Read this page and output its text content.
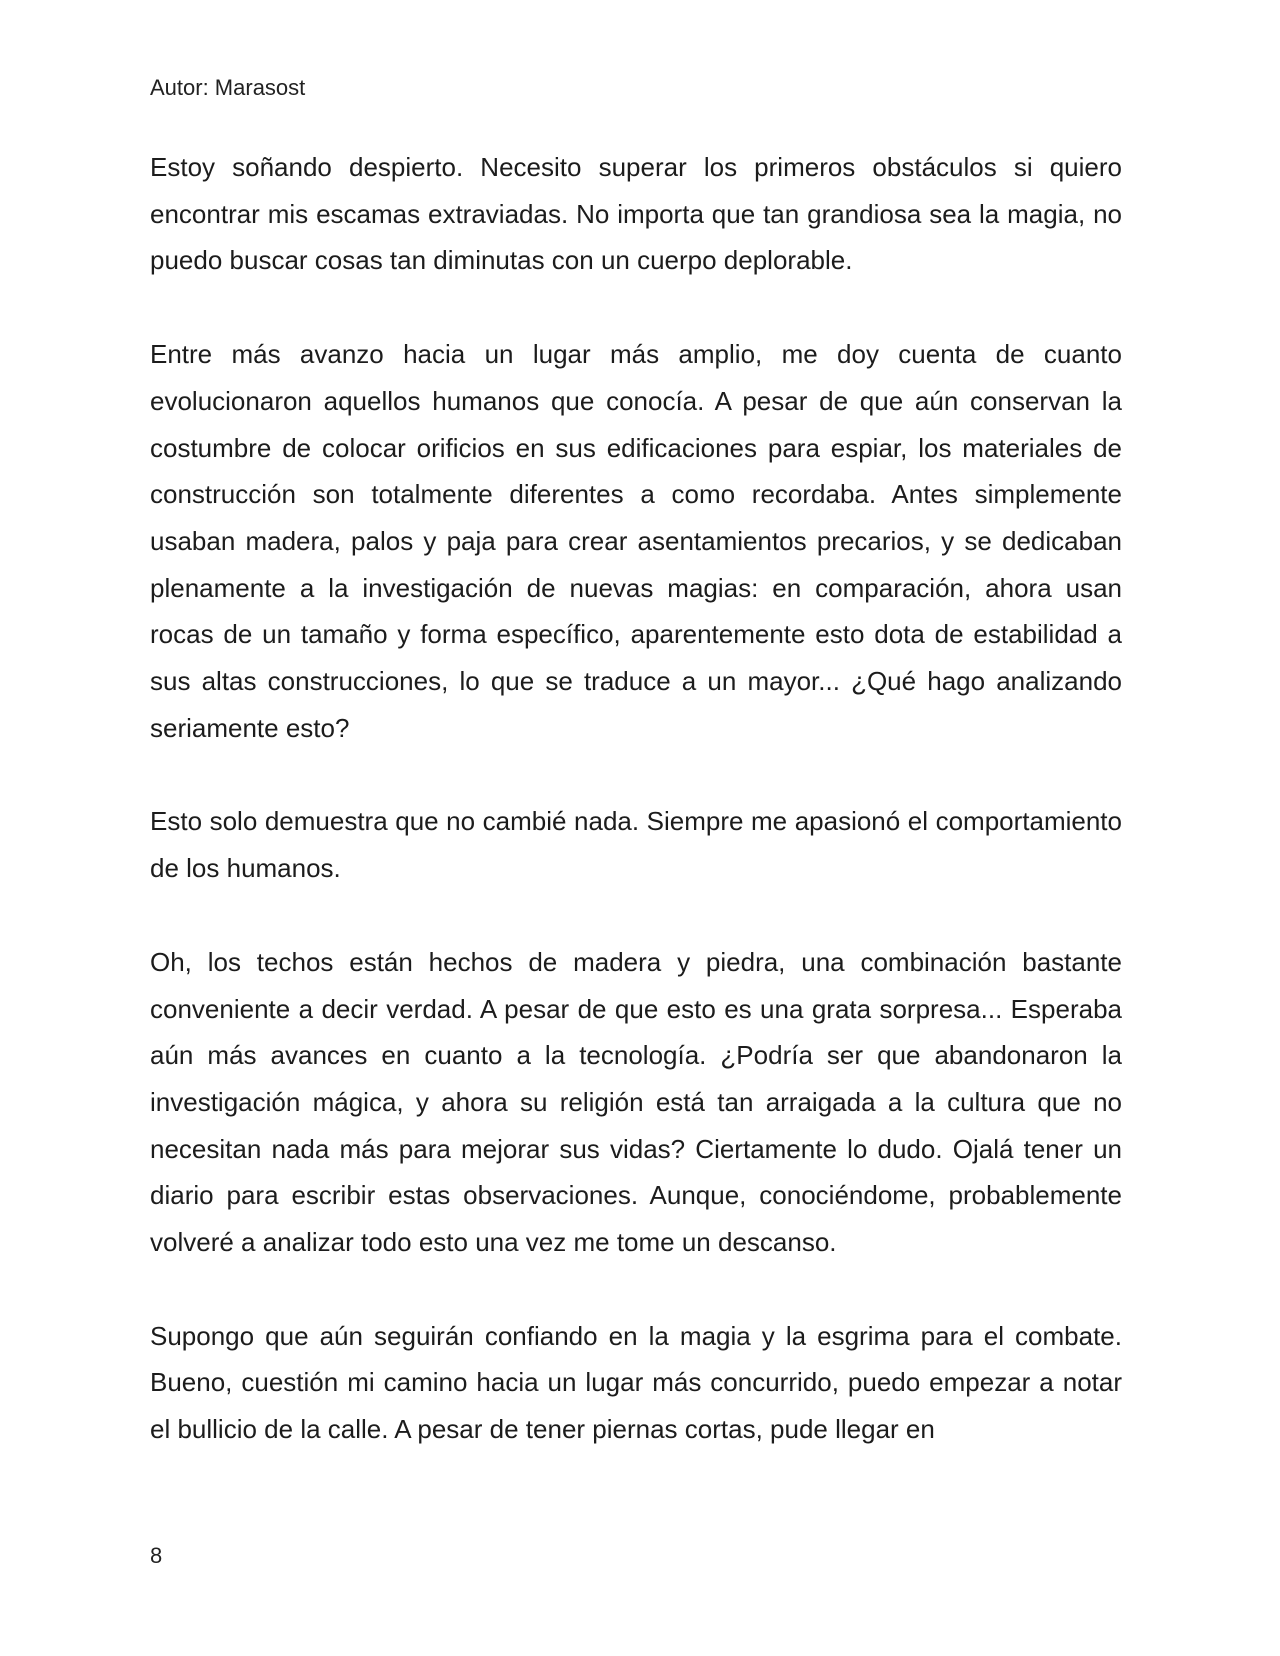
Autor: Marasost

Estoy soñando despierto. Necesito superar los primeros obstáculos si quiero encontrar mis escamas extraviadas. No importa que tan grandiosa sea la magia, no puedo buscar cosas tan diminutas con un cuerpo deplorable.

Entre más avanzo hacia un lugar más amplio, me doy cuenta de cuanto evolucionaron aquellos humanos que conocía. A pesar de que aún conservan la costumbre de colocar orificios en sus edificaciones para espiar, los materiales de construcción son totalmente diferentes a como recordaba. Antes simplemente usaban madera, palos y paja para crear asentamientos precarios, y se dedicaban plenamente a la investigación de nuevas magias: en comparación, ahora usan rocas de un tamaño y forma específico, aparentemente esto dota de estabilidad a sus altas construcciones, lo que se traduce a un mayor... ¿Qué hago analizando seriamente esto?

Esto solo demuestra que no cambié nada. Siempre me apasionó el comportamiento de los humanos.

Oh, los techos están hechos de madera y piedra, una combinación bastante conveniente a decir verdad. A pesar de que esto es una grata sorpresa... Esperaba aún más avances en cuanto a la tecnología. ¿Podría ser que abandonaron la investigación mágica, y ahora su religión está tan arraigada a la cultura que no necesitan nada más para mejorar sus vidas? Ciertamente lo dudo. Ojalá tener un diario para escribir estas observaciones. Aunque, conociéndome, probablemente volveré a analizar todo esto una vez me tome un descanso.

Supongo que aún seguirán confiando en la magia y la esgrima para el combate. Bueno, cuestión mi camino hacia un lugar más concurrido, puedo empezar a notar el bullicio de la calle. A pesar de tener piernas cortas, pude llegar en

8
